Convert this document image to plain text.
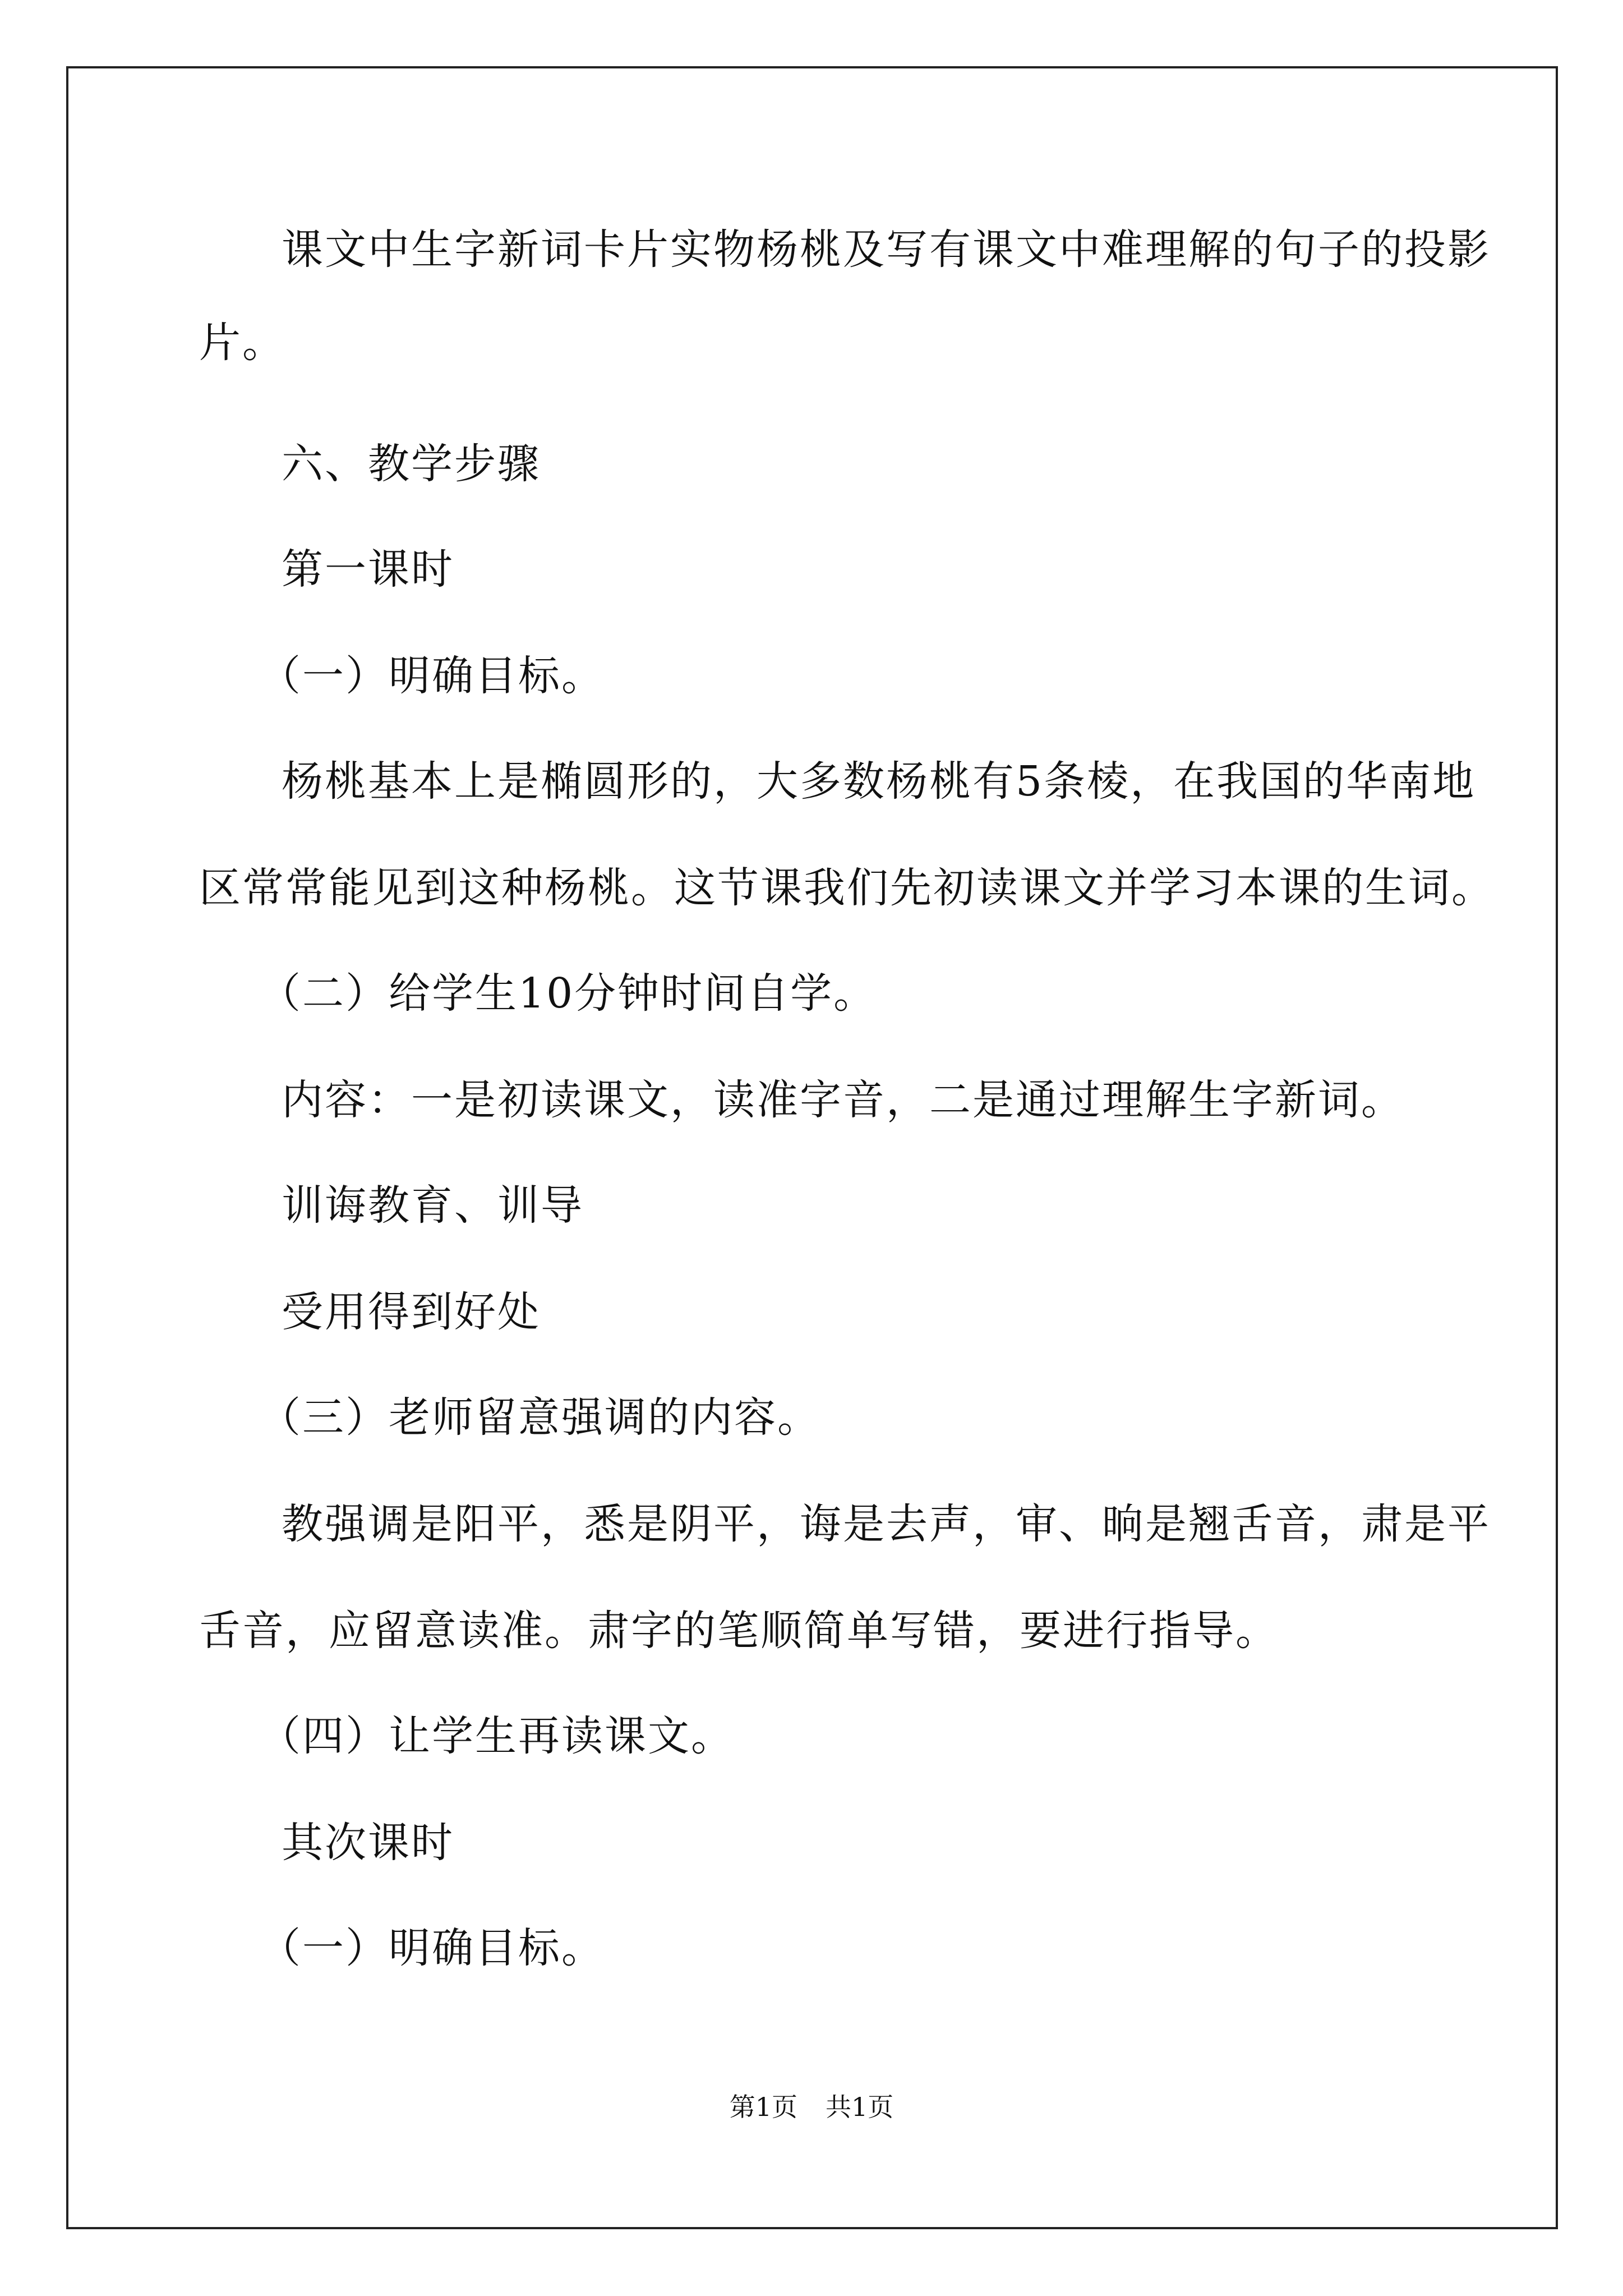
课文中生字新词卡片实物杨桃及写有课文中难理解的句子的投影
片。
六、教学步骤
第一课时
（一）明确目标。
杨桃基本上是椭圆形的，大多数杨桃有5条棱，在我国的华南地
区常常能见到这种杨桃。这节课我们先初读课文并学习本课的生词。
（二）给学生10分钟时间自学。
内容：一是初读课文，读准字音，二是通过理解生字新词。
训诲教育、训导
受用得到好处
（三）老师留意强调的内容。
教强调是阳平，悉是阴平，诲是去声，审、晌是翘舌音，肃是平
舌音，应留意读准。肃字的笔顺简单写错，要进行指导。
（四）让学生再读课文。
其次课时
（一）明确目标。
第1页 共1页
